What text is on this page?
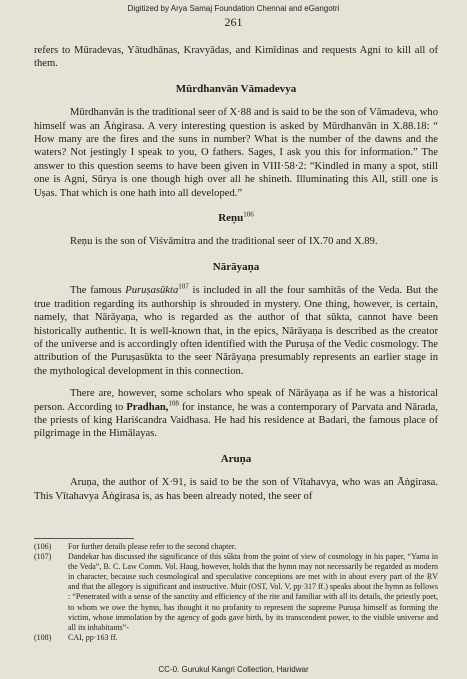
Digitized by Arya Samaj Foundation Chennai and eGangotri
261

refers to Mūradevas, Yātudhānas, Kravyādas, and Kimīdinas and requests Agni to kill all of them.

Mūrdhanvān Vāmadevya

Mūrdhanvān is the traditional seer of X·88 and is said to be the son of Vāmadeva, who himself was an Āṅgirasa. A very interesting question is asked by Mūrdhanvān in X.88.18: “ How many are the fires and the suns in number? What is the number of the dawns and the waters? Not jestingly I speak to you, O fathers. Sages, I ask you this for information.” The answer to this question seems to have been given in VIII·58·2: “Kindled in many a spot, still one is Agni, Sūrya is one though high over all he shineth. Illuminating this All, still one is Uṣas. That which is one hath into all developed.”

Reṇu$^{106}$

Reṇu is the son of Viśvāmitra and the traditional seer of IX.70 and X.89.

Nārāyaṇa

The famous Puruṣasūkta$^{107}$ is included in all the four samhitās of the Veda. But the true tradition regarding its authorship is shrouded in mystery. One thing, however, is certain, namely, that Nārāyaṇa, who is regarded as the author of that sūkta, cannot have been historically authentic. It is well-known that, in the epics, Nārāyaṇa is described as the creator of the universe and is accordingly often identified with the Puruṣa of the Vedic cosmology. The attribution of the Puruṣasūkta to the seer Nārāyaṇa presumably represents an earlier stage in the mythological development in this connection.

There are, however, some scholars who speak of Nārāyaṇa as if he was a historical person. According to Pradhan,$^{108}$ for instance, he was a contemporary of Parvata and Nārada, the priests of king Hariścandra Vaidhasa. He had his residence at Badari, the famous place of pilgrimage in the Himālayas.

Aruṇa

Aruṇa, the author of X·91, is said to be the son of Vītahavya, who was an Āṅgirasa. This Vītahavya Āṅgirasa is, as has been already noted, the seer of

(106)	For further details please refer to the second chapter.
(107)	Dandekar has discussed the significance of this sūkta from the point of view of cosmology in his paper, “Yama in the Veda”, B. C. Law Comm. Vol. Haug, however, holds that the hymn may not necessarily be regarded as modern in character, because such cosmological and speculative conceptions are met with in about every part of the ṚV and that the allegory is significant and instructive. Muir (OST, Vol. V, pp·317 ff.) speaks about the hymn as follows : “Penetrated with a sense of the sanctity and efficiency of the rite and familiar with all its details, the priestly poet, to whom we owe the hymn, has thought it no profanity to represent the supreme Puruṣa himself as forming the victim, whose immolation by the agency of gods gave birth, by its transcendent power, to the visible universe and all its inhabitants”-
(108)	CAI, pp·163 ff.
CC-0. Gurukul Kangri Collection, Haridwar
